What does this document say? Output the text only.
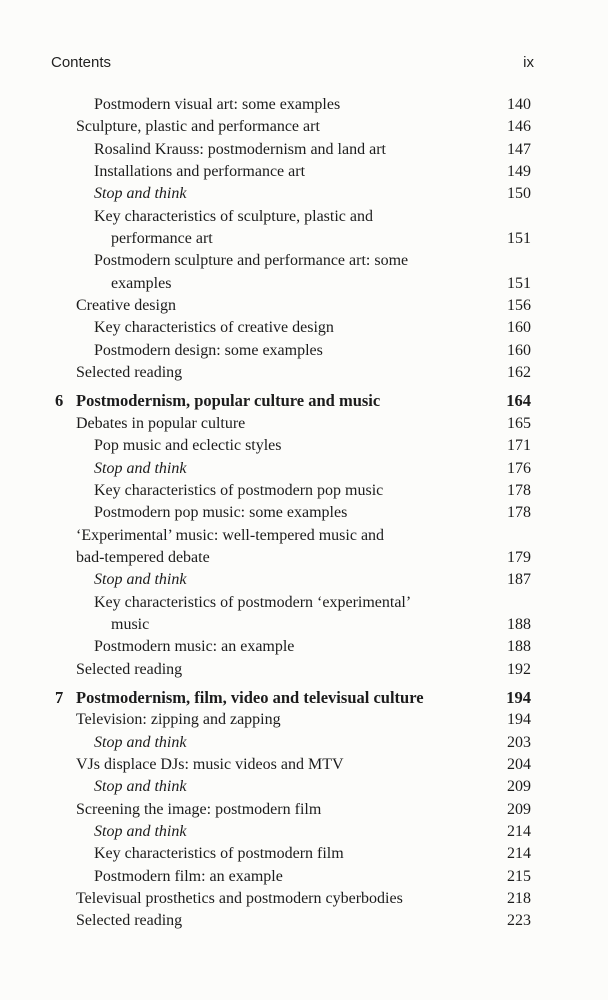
Contents	ix
Postmodern visual art: some examples	140
Sculpture, plastic and performance art	146
Rosalind Krauss: postmodernism and land art	147
Installations and performance art	149
Stop and think	150
Key characteristics of sculpture, plastic and
performance art	151
Postmodern sculpture and performance art: some
examples	151
Creative design	156
Key characteristics of creative design	160
Postmodern design: some examples	160
Selected reading	162
6 Postmodernism, popular culture and music	164
Debates in popular culture	165
Pop music and eclectic styles	171
Stop and think	176
Key characteristics of postmodern pop music	178
Postmodern pop music: some examples	178
‘Experimental’ music: well-tempered music and
bad-tempered debate	179
Stop and think	187
Key characteristics of postmodern ‘experimental’
music	188
Postmodern music: an example	188
Selected reading	192
7 Postmodernism, film, video and televisual culture	194
Television: zipping and zapping	194
Stop and think	203
VJs displace DJs: music videos and MTV	204
Stop and think	209
Screening the image: postmodern film	209
Stop and think	214
Key characteristics of postmodern film	214
Postmodern film: an example	215
Televisual prosthetics and postmodern cyberbodies	218
Selected reading	223
